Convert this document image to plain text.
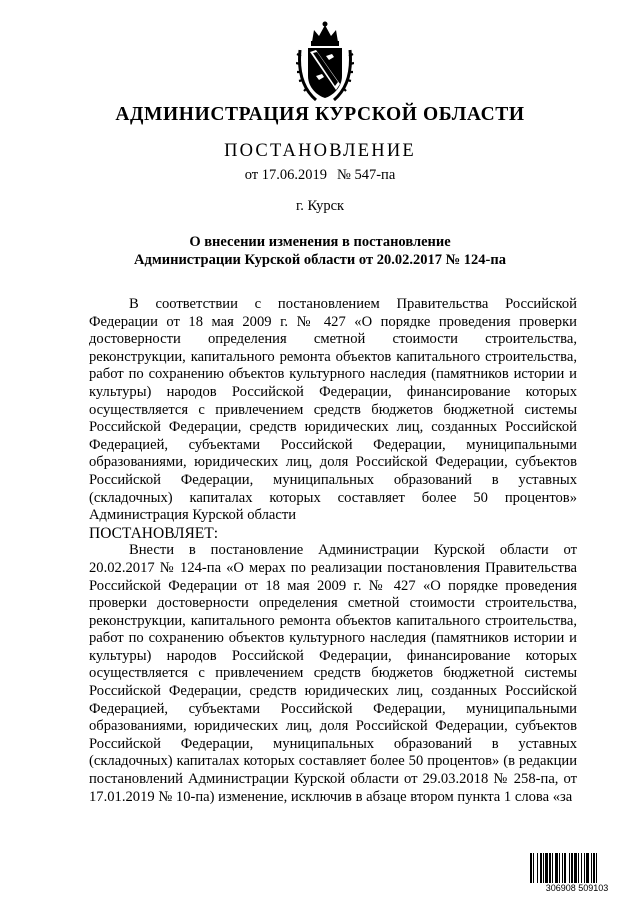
АДМИНИСТРАЦИЯ КУРСКОЙ ОБЛАСТИ
ПОСТАНОВЛЕНИЕ
от 17.06.2019 № 547-па
г. Курск
О внесении изменения в постановление
Администрации Курской области от 20.02.2017 № 124-па

В соответствии с постановлением Правительства Российской Федерации от 18 мая 2009 г. № 427 «О порядке проведения проверки достоверности определения сметной стоимости строительства, реконструкции, капитального ремонта объектов капитального строительства, работ по сохранению объектов культурного наследия (памятников истории и культуры) народов Российской Федерации, финансирование которых осуществляется с привлечением средств бюджетов бюджетной системы Российской Федерации, средств юридических лиц, созданных Российской Федерацией, субъектами Российской Федерации, муниципальными образованиями, юридических лиц, доля Российской Федерации, субъектов Российской Федерации, муниципальных образований в уставных (складочных) капиталах которых составляет более 50 процентов» Администрация Курской области

ПОСТАНОВЛЯЕТ:

Внести в постановление Администрации Курской области от 20.02.2017 № 124-па «О мерах по реализации постановления Правительства Российской Федерации от 18 мая 2009 г. № 427 «О порядке проведения проверки достоверности определения сметной стоимости строительства, реконструкции, капитального ремонта объектов капитального строительства, работ по сохранению объектов культурного наследия (памятников истории и культуры) народов Российской Федерации, финансирование которых осуществляется с привлечением средств бюджетов бюджетной системы Российской Федерации, средств юридических лиц, созданных Российской Федерацией, субъектами Российской Федерации, муниципальными образованиями, юридических лиц, доля Российской Федерации, субъектов Российской Федерации, муниципальных образований в уставных (складочных) капиталах которых составляет более 50 процентов» (в редакции постановлений Администрации Курской области от 29.03.2018 № 258-па, от 17.01.2019 № 10-па) изменение, исключив в абзаце втором пункта 1 слова «за

306908 509103
